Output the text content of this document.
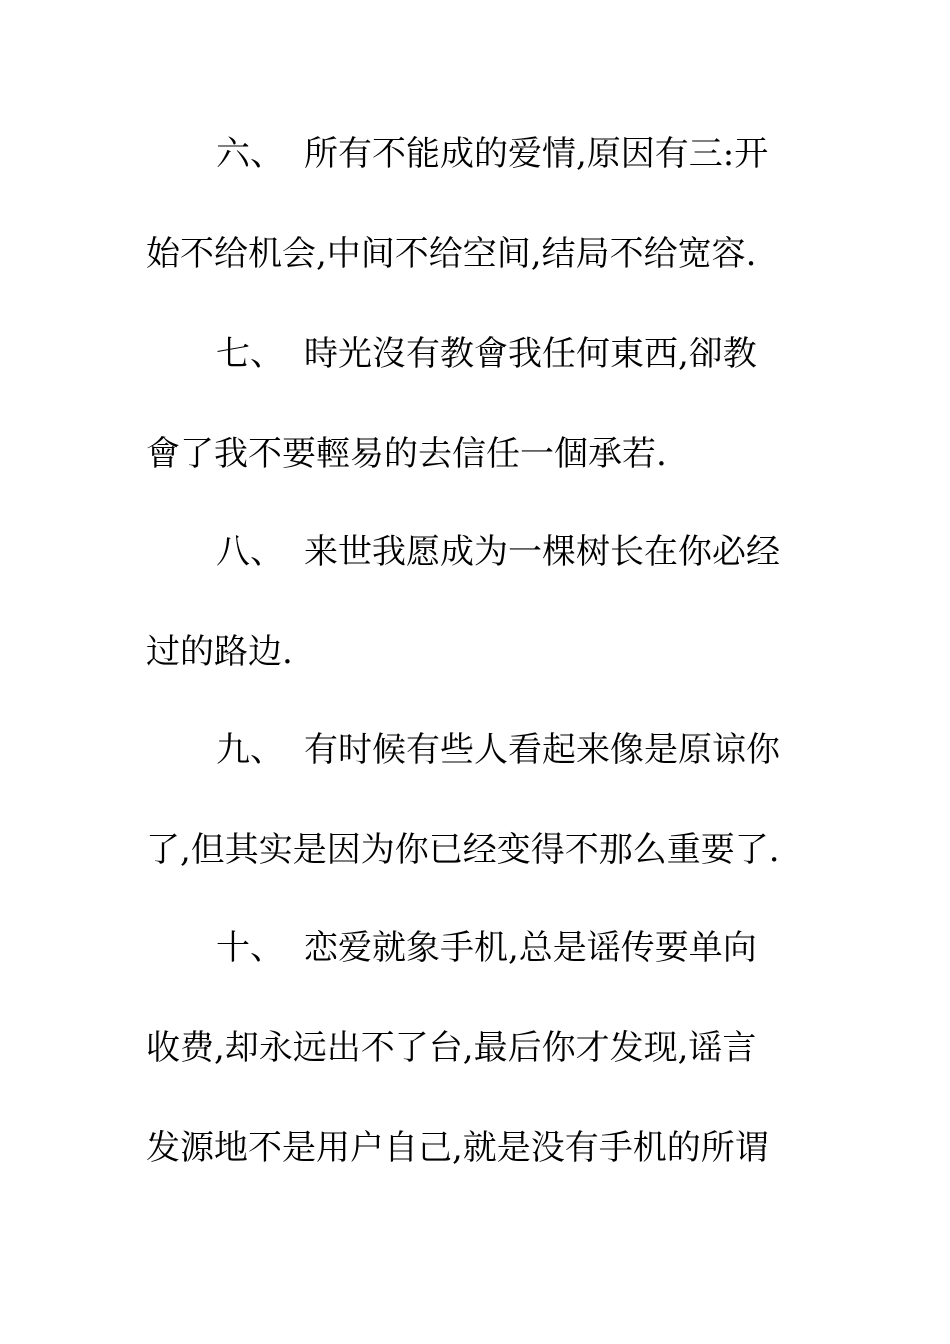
六、 所有不能成的爱情,原因有三:开
始不给机会,中间不给空间,结局不给宽容.
七、 時光沒有教會我任何東西,卻教
會了我不要輕易的去信任一個承若.
八、 来世我愿成为一棵树长在你必经
过的路边.
九、 有时候有些人看起来像是原谅你
了,但其实是因为你已经变得不那么重要了.
十、 恋爱就象手机,总是谣传要单向
收费,却永远出不了台,最后你才发现,谣言
发源地不是用户自己,就是没有手机的所谓
